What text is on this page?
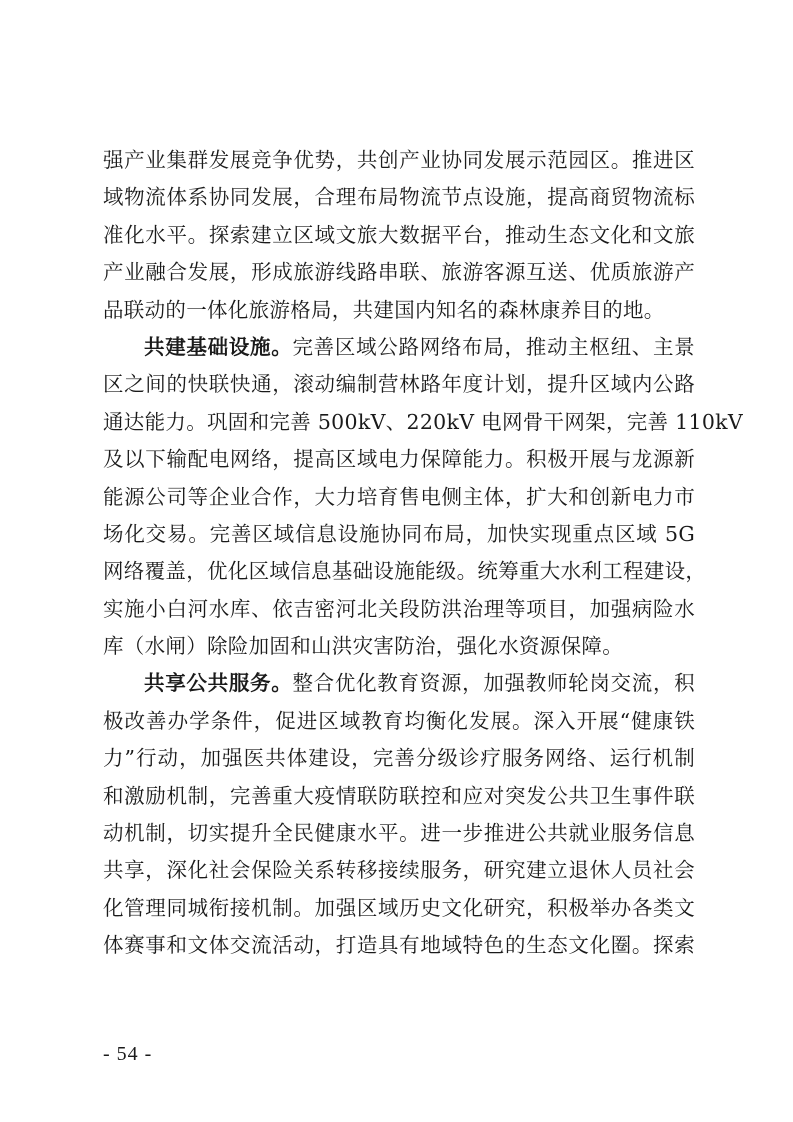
强产业集群发展竞争优势，共创产业协同发展示范园区。推进区
域物流体系协同发展，合理布局物流节点设施，提高商贸物流标
准化水平。探索建立区域文旅大数据平台，推动生态文化和文旅
产业融合发展，形成旅游线路串联、旅游客源互送、优质旅游产
品联动的一体化旅游格局，共建国内知名的森林康养目的地。
共建基础设施。完善区域公路网络布局，推动主枢纽、主景
区之间的快联快通，滚动编制营林路年度计划，提升区域内公路
通达能力。巩固和完善 500kV、220kV 电网骨干网架，完善 110kV
及以下输配电网络，提高区域电力保障能力。积极开展与龙源新
能源公司等企业合作，大力培育售电侧主体，扩大和创新电力市
场化交易。完善区域信息设施协同布局，加快实现重点区域 5G
网络覆盖，优化区域信息基础设施能级。统筹重大水利工程建设，
实施小白河水库、依吉密河北关段防洪治理等项目，加强病险水
库（水闸）除险加固和山洪灾害防治，强化水资源保障。
共享公共服务。整合优化教育资源，加强教师轮岗交流，积
极改善办学条件，促进区域教育均衡化发展。深入开展“健康铁
力”行动，加强医共体建设，完善分级诊疗服务网络、运行机制
和激励机制，完善重大疫情联防联控和应对突发公共卫生事件联
动机制，切实提升全民健康水平。进一步推进公共就业服务信息
共享，深化社会保险关系转移接续服务，研究建立退休人员社会
化管理同城衔接机制。加强区域历史文化研究，积极举办各类文
体赛事和文体交流活动，打造具有地域特色的生态文化圈。探索
- 54 -
